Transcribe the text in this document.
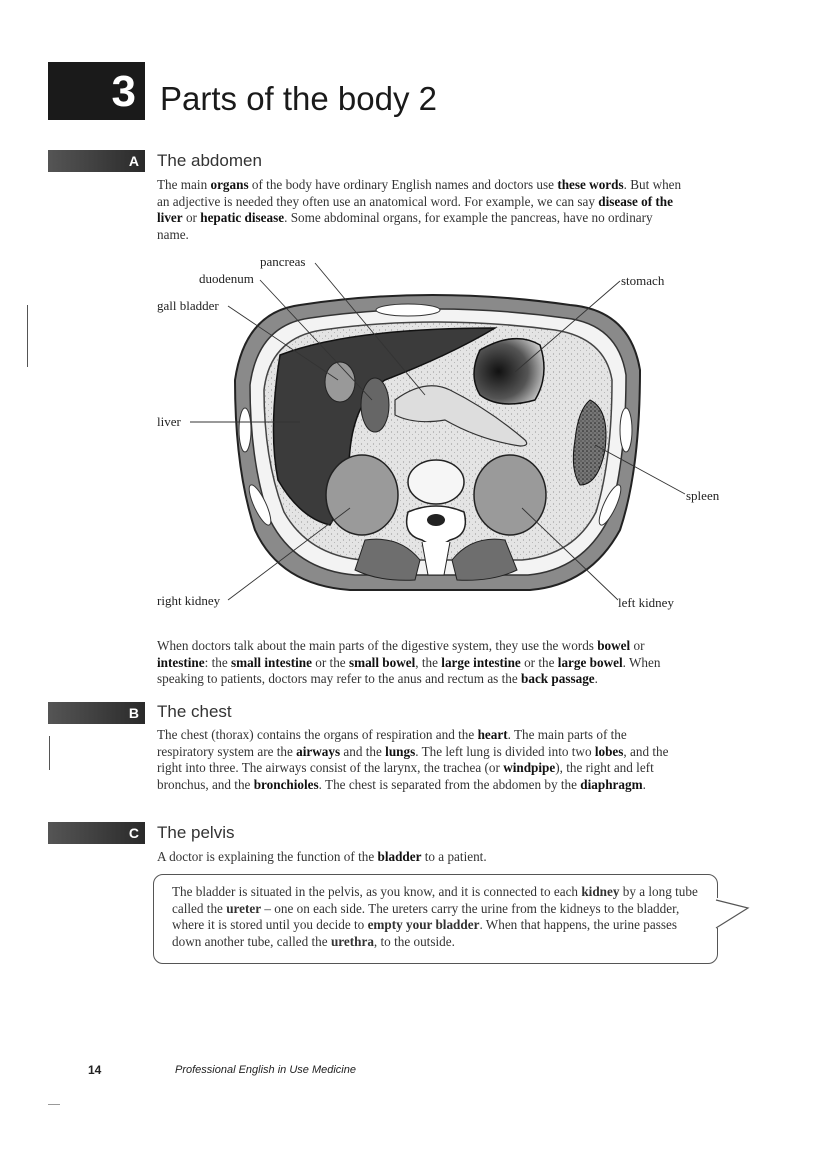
3 Parts of the body 2
A The abdomen
The main organs of the body have ordinary English names and doctors use these words. But when an adjective is needed they often use an anatomical word. For example, we can say disease of the liver or hepatic disease. Some abdominal organs, for example the pancreas, have no ordinary name.
pancreas
duodenum	stomach
gall bladder
liver
spleen
right kidney	left kidney
When doctors talk about the main parts of the digestive system, they use the words bowel or intestine: the small intestine or the small bowel, the large intestine or the large bowel. When speaking to patients, doctors may refer to the anus and rectum as the back passage.
B The chest
The chest (thorax) contains the organs of respiration and the heart. The main parts of the respiratory system are the airways and the lungs. The left lung is divided into two lobes, and the right into three. The airways consist of the larynx, the trachea (or windpipe), the right and left bronchus, and the bronchioles. The chest is separated from the abdomen by the diaphragm.
C The pelvis
A doctor is explaining the function of the bladder to a patient.
The bladder is situated in the pelvis, as you know, and it is connected to each kidney by a long tube called the ureter – one on each side. The ureters carry the urine from the kidneys to the bladder, where it is stored until you decide to empty your bladder. When that happens, the urine passes down another tube, called the urethra, to the outside.
14	Professional English in Use Medicine
